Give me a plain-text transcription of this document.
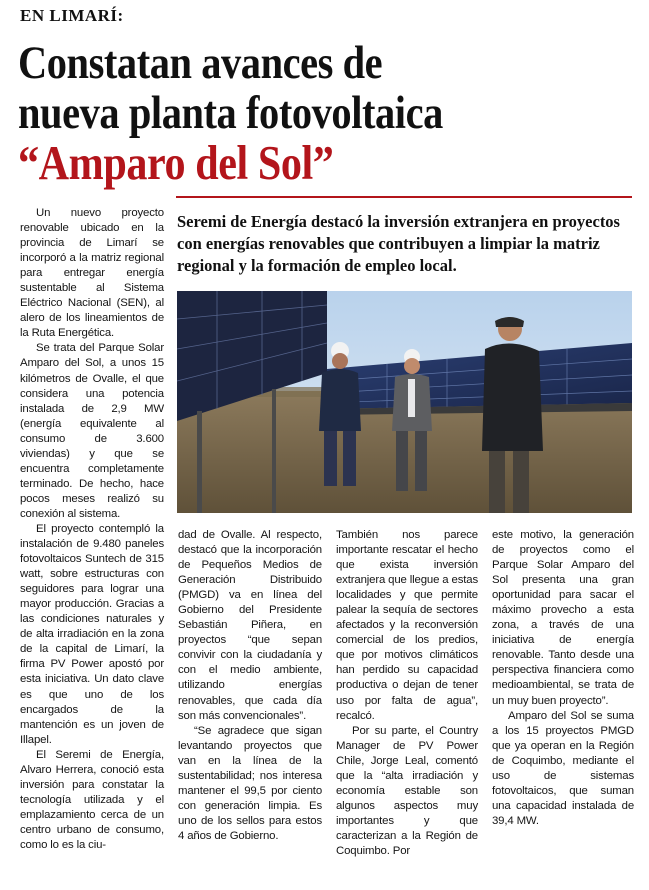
EN LIMARÍ:
Constatan avances de
nueva planta fotovoltaica
“Amparo del Sol”
Seremi de Energía destacó la inversión extranjera en proyectos con energías renovables que contribuyen a limpiar la matriz regional y la formación de empleo local.

Un nuevo proyecto renovable ubicado en la provincia de Limarí se incorporó a la matriz regional para entregar energía sustentable al Sistema Eléctrico Nacional (SEN), al alero de los lineamientos de la Ruta Energética.

Se trata del Parque Solar Amparo del Sol, a unos 15 kilómetros de Ovalle, el que considera una potencia instalada de 2,9 MW (energía equivalente al consumo de 3.600 viviendas) y que se encuentra completamente terminado. De hecho, hace pocos meses realizó su conexión al sistema.

El proyecto contempló la instalación de 9.480 paneles fotovoltaicos Suntech de 315 watt, sobre estructuras con seguidores para lograr una mayor producción. Gracias a las condiciones naturales y de alta irradiación en la zona de la capital de Limarí, la firma PV Power apostó por esta iniciativa. Un dato clave es que uno de los encargados de la mantención es un joven de Illapel.

El Seremi de Energía, Alvaro Herrera, conoció esta inversión para constatar la tecnología utilizada y el emplazamiento cerca de un centro urbano de consumo, como lo es la ciu-

dad de Ovalle. Al respecto, destacó que la incorporación de Pequeños Medios de Generación Distribuido (PMGD) va en línea del Gobierno del Presidente Sebastián Piñera, en proyectos “que sepan convivir con la ciudadanía y con el medio ambiente, utilizando energías renovables, que cada día son más convencionales”.

“Se agradece que sigan levantando proyectos que van en la línea de la sustentabilidad; nos interesa mantener el 99,5 por ciento con generación limpia. Es uno de los sellos para estos 4 años de Gobierno.

También nos parece importante rescatar el hecho que exista inversión extranjera que llegue a estas localidades y que permite palear la sequía de sectores afectados y la reconversión comercial de los predios, que por motivos climáticos han perdido su capacidad productiva o dejan de tener uso por falta de agua”, recalcó.

Por su parte, el Country Manager de PV Power Chile, Jorge Leal, comentó que la “alta irradiación y economía estable son algunos aspectos muy importantes y que caracterizan a la Región de Coquimbo. Por

este motivo, la generación de proyectos como el Parque Solar Amparo del Sol presenta una gran oportunidad para sacar el máximo provecho a esta zona, a través de una iniciativa de energía renovable. Tanto desde una perspectiva financiera como medioambiental, se trata de un muy buen proyecto”.

Amparo del Sol se suma a los 15 proyectos PMGD que ya operan en la Región de Coquimbo, mediante el uso de sistemas fotovoltaicos, que suman una capacidad instalada de 39,4 MW.
